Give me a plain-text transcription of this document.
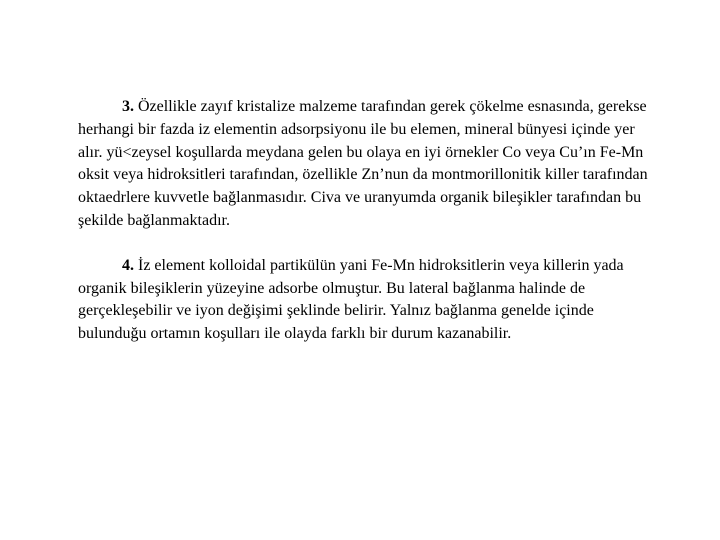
3. Özellikle zayıf kristalize malzeme tarafından gerek çökelme esnasında, gerekse herhangi bir fazda iz elementin adsorpsiyonu ile bu elemen, mineral bünyesi içinde yer alır. yü<zeysel koşullarda meydana gelen bu olaya en iyi örnekler Co veya Cu’ın Fe-Mn oksit veya hidroksitleri tarafından, özellikle Zn’nun da montmorillonitik killer tarafından oktaedrlere kuvvetle bağlanmasıdır. Civa ve uranyumda organik bileşikler tarafından bu şekilde bağlanmaktadır.

4. İz element kolloidal partikülün yani Fe-Mn hidroksitlerin veya killerin yada organik bileşiklerin yüzeyine adsorbe olmuştur. Bu lateral bağlanma halinde de gerçekleşebilir ve iyon değişimi şeklinde belirir. Yalnız bağlanma genelde içinde bulunduğu ortamın koşulları ile olayda farklı bir durum kazanabilir.
